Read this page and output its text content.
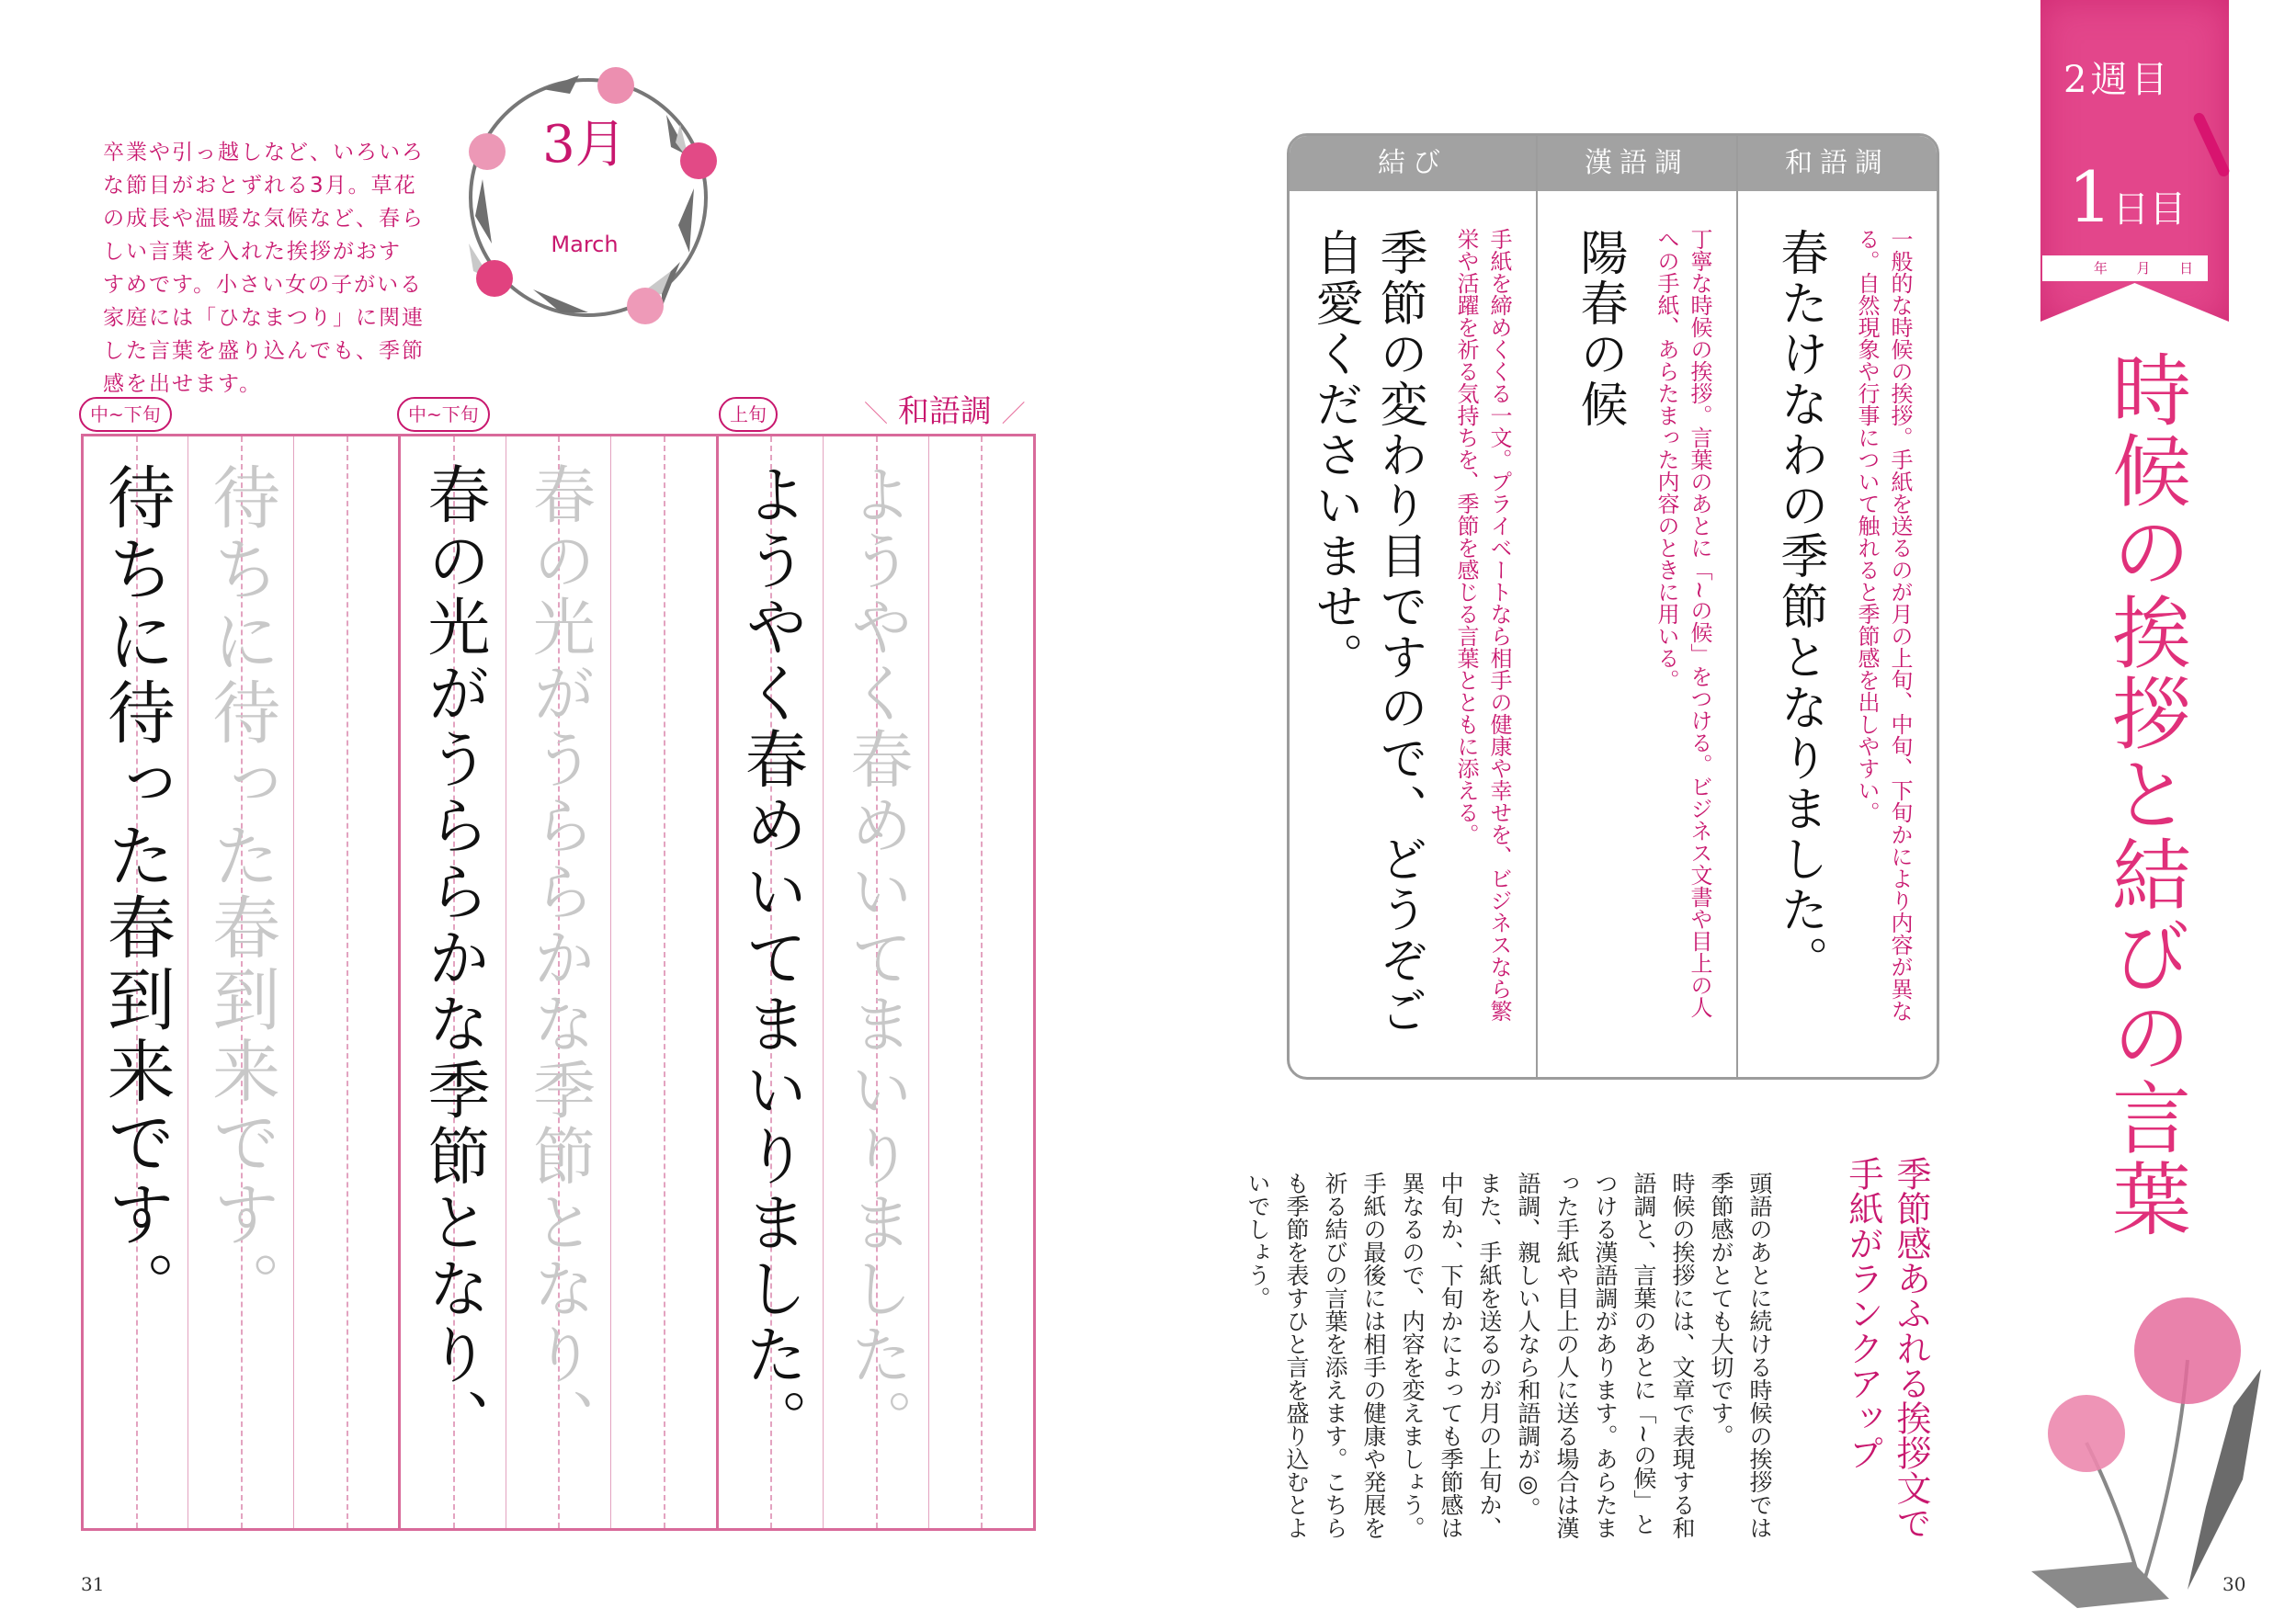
卒業や引っ越しなど、いろいろな節目がおとずれる3月。草花の成長や温暖な気候など、春らしい言葉を入れた挨拶がおすすめです。小さい女の子がいる家庭には「ひなまつり」に関連した言葉を盛り込んでも、季節感を出せます。
3月
March
＼ 和語調 ／
中~下旬	中~下旬	上旬
待ちに待った春到来です。 待ちに待った春到来です。 春の光がうららかな季節となり、 春の光がうららかな季節となり、 ようやく春めいてまいりました。 ようやく春めいてまいりました。
31
結び
手紙を締めくくる一文。プライベートなら相手の健康や幸せを、ビジネスなら繁栄や活躍を祈る気持ちを、季節を感じる言葉とともに添える。
季節の変わり目ですので、どうぞご自愛くださいませ。
漢語調
丁寧な時候の挨拶。言葉のあとに「~の候」をつける。ビジネス文書や目上の人への手紙、あらたまった内容のときに用いる。
陽春の候
和語調
一般的な時候の挨拶。手紙を送るのが月の上旬、中旬、下旬かにより内容が異なる。自然現象や行事について触れると季節感を出しやすい。
春たけなわの季節となりました。
2週目
1日目
年 月 日
時候の挨拶と結びの言葉
季節感あふれる挨拶文で手紙がランクアップ
頭語のあとに続ける時候の挨拶では季節感がとても大切です。
時候の挨拶には、文章で表現する和語調と、言葉のあとに「~の候」とつける漢語調があります。あらたまった手紙や目上の人に送る場合は漢語調、親しい人なら和語調が◎。
また、手紙を送るのが月の上旬か、中旬か、下旬かによっても季節感は異なるので、内容を変えましょう。
手紙の最後には相手の健康や発展を祈る結びの言葉を添えます。こちらも季節を表すひと言を盛り込むとよいでしょう。
30
